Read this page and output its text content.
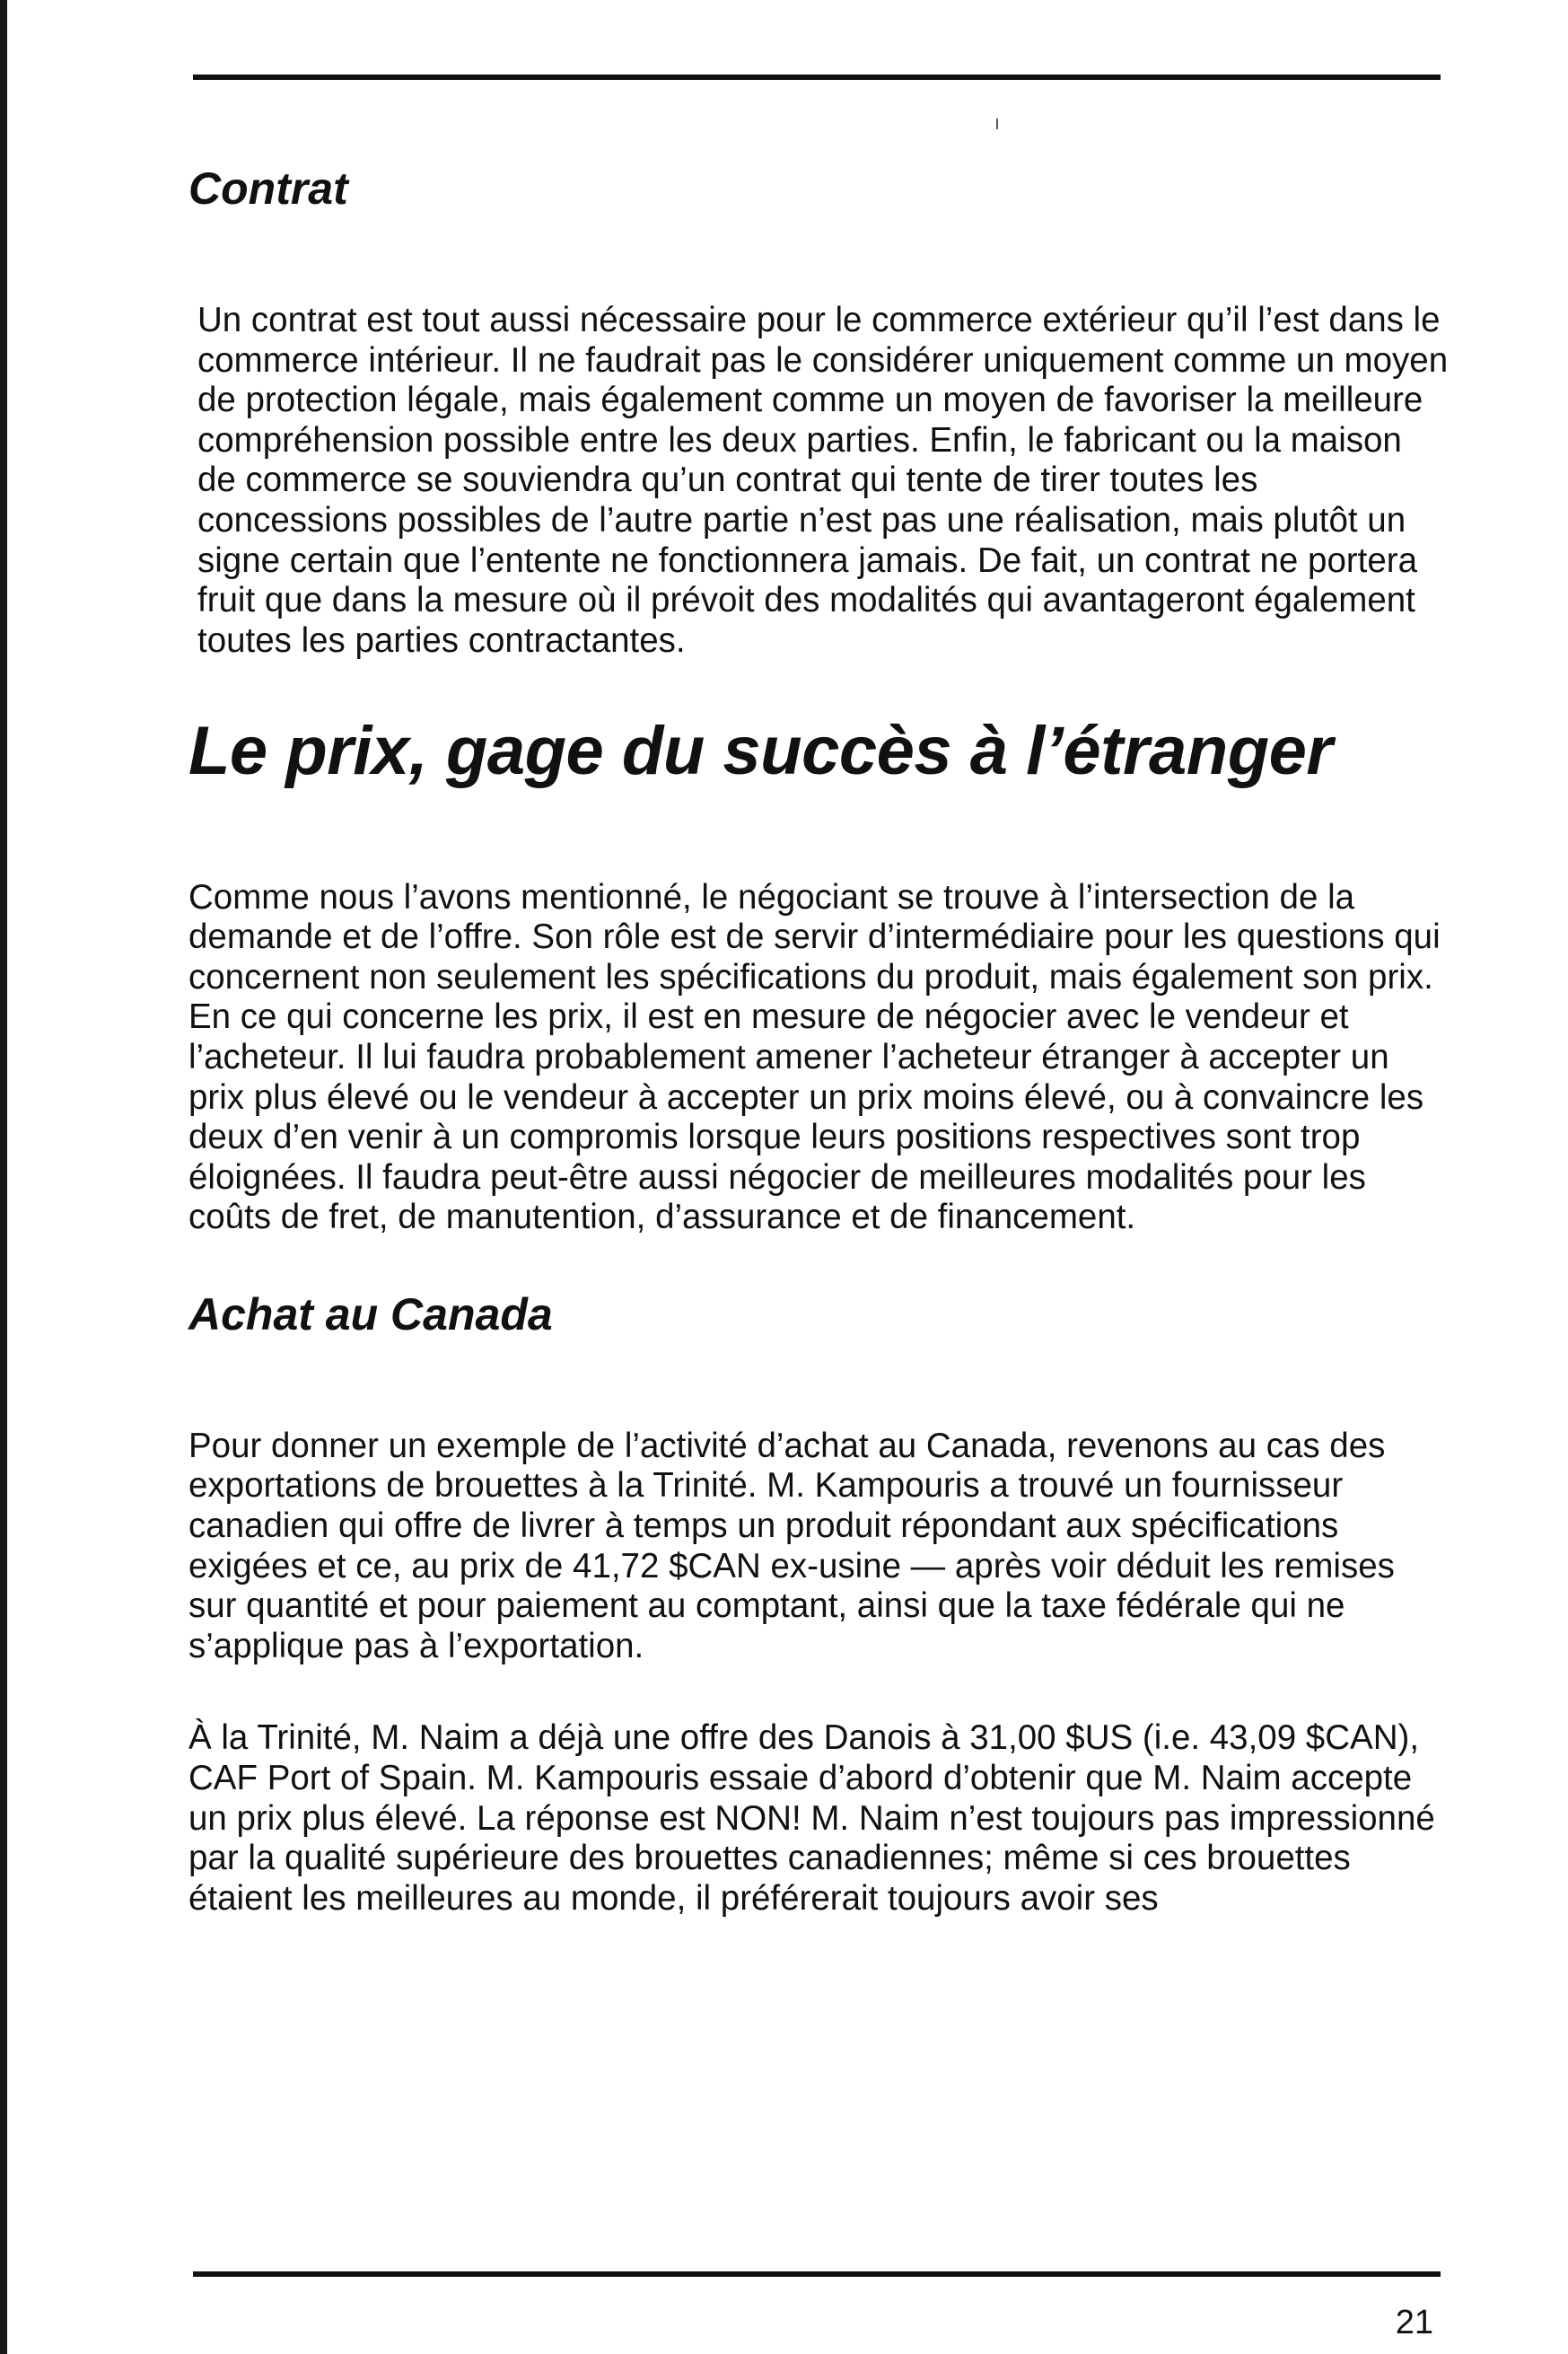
Contrat

Un contrat est tout aussi nécessaire pour le commerce extérieur qu’il l’est dans le commerce intérieur. Il ne faudrait pas le considérer uniquement comme un moyen de protection légale, mais également comme un moyen de favoriser la meilleure compréhension possible entre les deux parties. Enfin, le fabricant ou la maison de commerce se souviendra qu’un contrat qui tente de tirer toutes les concessions possibles de l’autre partie n’est pas une réalisation, mais plutôt un signe certain que l’entente ne fonctionnera jamais. De fait, un contrat ne portera fruit que dans la mesure où il prévoit des modalités qui avantageront également toutes les parties contractantes.

Le prix, gage du succès à l’étranger

Comme nous l’avons mentionné, le négociant se trouve à l’intersection de la demande et de l’offre. Son rôle est de servir d’intermédiaire pour les questions qui concernent non seulement les spécifications du produit, mais également son prix. En ce qui concerne les prix, il est en mesure de négocier avec le vendeur et l’acheteur. Il lui faudra probablement amener l’acheteur étranger à accepter un prix plus élevé ou le vendeur à accepter un prix moins élevé, ou à convaincre les deux d’en venir à un compromis lorsque leurs positions respectives sont trop éloignées. Il faudra peut-être aussi négocier de meilleures modalités pour les coûts de fret, de manutention, d’assurance et de financement.

Achat au Canada

Pour donner un exemple de l’activité d’achat au Canada, revenons au cas des exportations de brouettes à la Trinité. M. Kampouris a trouvé un fournisseur canadien qui offre de livrer à temps un produit répondant aux spécifications exigées et ce, au prix de 41,72 $CAN ex-usine — après voir déduit les remises sur quantité et pour paiement au comptant, ainsi que la taxe fédérale qui ne s’applique pas à l’exportation.

À la Trinité, M. Naim a déjà une offre des Danois à 31,00 $US (i.e. 43,09 $CAN), CAF Port of Spain. M. Kampouris essaie d’abord d’obtenir que M. Naim accepte un prix plus élevé. La réponse est NON! M. Naim n’est toujours pas impressionné par la qualité supérieure des brouettes canadiennes; même si ces brouettes étaient les meilleures au monde, il préférerait toujours avoir ses

21
